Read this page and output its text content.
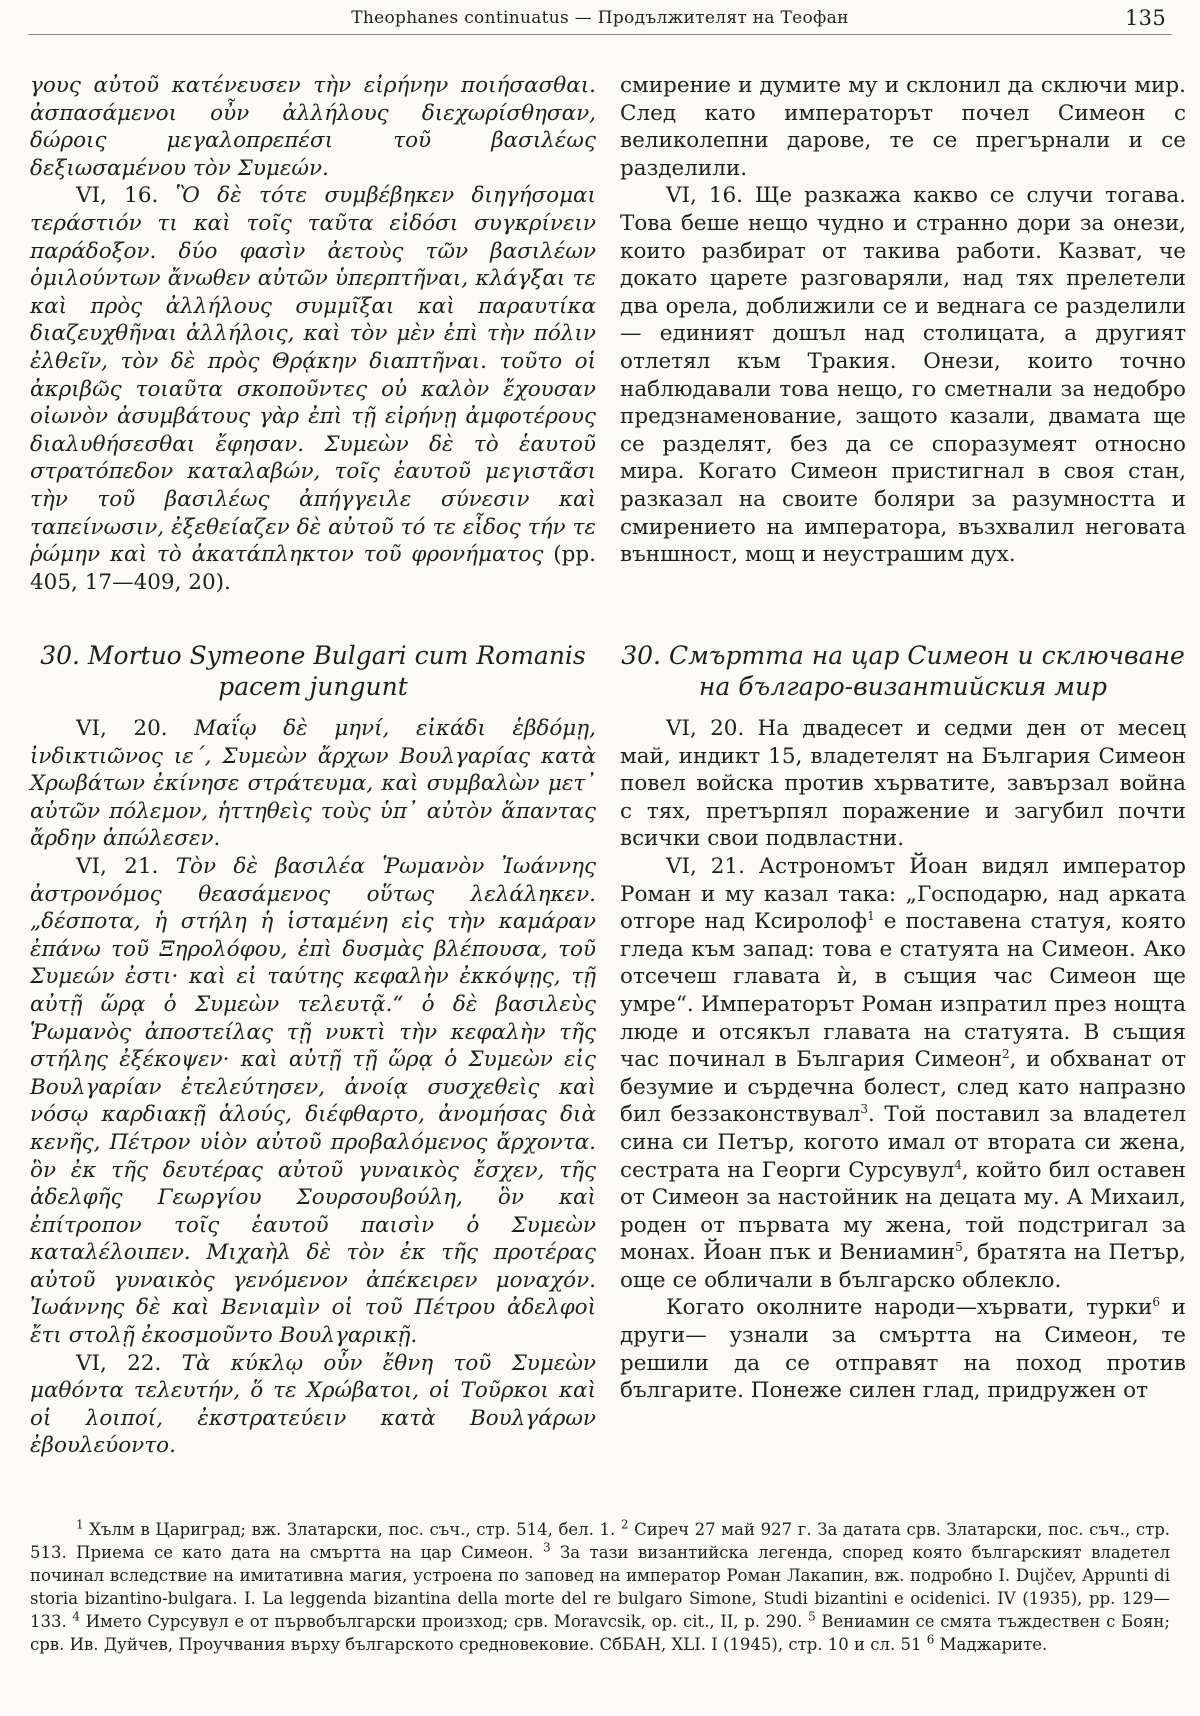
Theophanes continuatus — Продължителят на Теофан	135

γους αὐτοῦ κατένευσεν τὴν εἰρήνην ποιήσασθαι. ἀσπασάμενοι οὖν ἀλλήλους διεχωρίσθησαν, δώροις μεγαλοπρεπέσι τοῦ βασιλέως δεξιωσαμένου τὸν Συμεών.

VI, 16. Ὃ δὲ τότε συμβέβηκεν διηγήσομαι τεράστιόν τι καὶ τοῖς ταῦτα εἰδόσι συγκρίνειν παράδοξον. δύο φασὶν ἀετοὺς τῶν βασιλέων ὁμιλούντων ἄνωθεν αὐτῶν ὑπερπτῆναι, κλάγξαι τε καὶ πρὸς ἀλλήλους συμμῖξαι καὶ παραυτίκα διαζευχθῆναι ἀλλήλοις, καὶ τὸν μὲν ἐπὶ τὴν πόλιν ἐλθεῖν, τὸν δὲ πρὸς Θρᾴκην διαπτῆναι. τοῦτο οἱ ἀκριβῶς τοιαῦτα σκοποῦντες οὐ καλὸν ἔχουσαν οἰωνὸν ἀσυμβάτους γὰρ ἐπὶ τῇ εἰρήνῃ ἀμφοτέρους διαλυθήσεσθαι ἔφησαν. Συμεὼν δὲ τὸ ἑαυτοῦ στρατόπεδον καταλαβών, τοῖς ἑαυτοῦ μεγιστᾶσι τὴν τοῦ βασιλέως ἀπήγγειλε σύνεσιν καὶ ταπείνωσιν, ἐξεθείαζεν δὲ αὐτοῦ τό τε εἶδος τήν τε ῥώμην καὶ τὸ ἀκατάπληκτον τοῦ φρονήματος (pp. 405, 17—409, 20).

30. Mortuo Symeone Bulgari cum Romanis pacem jungunt

VI, 20. Μαΐῳ δὲ μηνί, εἰκάδι ἑβδόμῃ, ἰνδικτιῶνος ιε΄, Συμεὼν ἄρχων Βουλγαρίας κατὰ Χρωβάτων ἐκίνησε στράτευμα, καὶ συμβαλὼν μετ᾽ αὐτῶν πόλεμον, ἡττηθεὶς τοὺς ὑπ᾽ αὐτὸν ἅπαντας ἄρδην ἀπώλεσεν.

VI, 21. Τὸν δὲ βασιλέα Ῥωμανὸν Ἰωάννης ἀστρονόμος θεασάμενος οὕτως λελάληκεν. „δέσποτα, ἡ στήλη ἡ ἱσταμένη εἰς τὴν καμάραν ἐπάνω τοῦ Ξηρολόφου, ἐπὶ δυσμὰς βλέπουσα, τοῦ Συμεών ἐστι· καὶ εἰ ταύτης κεφαλὴν ἐκκόψῃς, τῇ αὐτῇ ὥρᾳ ὁ Συμεὼν τελευτᾷ.“ ὁ δὲ βασιλεὺς Ῥωμανὸς ἀποστείλας τῇ νυκτὶ τὴν κεφαλὴν τῆς στήλης ἐξέκοψεν· καὶ αὐτῇ τῇ ὥρᾳ ὁ Συμεὼν εἰς Βουλγαρίαν ἐτελεύτησεν, ἀνοίᾳ συσχεθεὶς καὶ νόσῳ καρδιακῇ ἁλούς, διέφθαρτο, ἀνομήσας διὰ κενῆς, Πέτρον υἱὸν αὐτοῦ προβαλόμενος ἄρχοντα. ὃν ἐκ τῆς δευτέρας αὐτοῦ γυναικὸς ἔσχεν, τῆς ἀδελφῆς Γεωργίου Σουρσουβούλη, ὃν καὶ ἐπίτροπον τοῖς ἑαυτοῦ παισὶν ὁ Συμεὼν καταλέλοιπεν. Μιχαὴλ δὲ τὸν ἐκ τῆς προτέρας αὐτοῦ γυναικὸς γενόμενον ἀπέκειρεν μοναχόν. Ἰωάννης δὲ καὶ Βενιαμὶν οἱ τοῦ Πέτρου ἀδελφοὶ ἔτι στολῇ ἐκοσμοῦντο Βουλγαρικῇ.

VI, 22. Τὰ κύκλῳ οὖν ἔθνη τοῦ Συμεὼν μαθόντα τελευτήν, ὅ τε Χρώβατοι, οἱ Τοῦρκοι καὶ οἱ λοιποί, ἐκστρατεύειν κατὰ Βουλγάρων ἐβουλεύοντο.

смирение и думите му и склонил да сключи мир. След като императорът почел Симеон с великолепни дарове, те се прегърнали и се разделили.

VI, 16. Ще разкажа какво се случи тогава. Това беше нещо чудно и странно дори за онези, които разбират от такива работи. Казват, че докато царете разговаряли, над тях прелетели два орела, доближили се и веднага се разделили — единият дошъл над столицата, а другият отлетял към Тракия. Онези, които точно наблюдавали това нещо, го сметнали за недобро предзнаменование, защото казали, двамата ще се разделят, без да се споразумеят относно мира. Когато Симеон пристигнал в своя стан, разказал на своите боляри за разумността и смирението на императора, възхвалил неговата външност, мощ и неустрашим дух.

30. Смъртта на цар Симеон и сключване на българо-византийския мир

VI, 20. На двадесет и седми ден от месец май, индикт 15, владетелят на България Симеон повел войска против хърватите, завързал война с тях, претърпял поражение и загубил почти всички свои подвластни.

VI, 21. Астрономът Йоан видял император Роман и му казал така: „Господарю, над арката отгоре над Ксиролоф$^1$ е поставена статуя, която гледа към запад: това е статуята на Симеон. Ако отсечеш главата ѝ, в същия час Симеон ще умре“. Императорът Роман изпратил през нощта люде и отсякъл главата на статуята. В същия час починал в България Симеон$^2$, и обхванат от безумие и сърдечна болест, след като напразно бил беззаконствувал$^3$. Той поставил за владетел сина си Петър, когото имал от втората си жена, сестрата на Георги Сурсувул$^4$, който бил оставен от Симеон за настойник на децата му. А Михаил, роден от първата му жена, той подстригал за монах. Йоан пък и Вениамин$^5$, братята на Петър, още се обличали в българско облекло.

Когато околните народи—хървати, турки$^6$ и други— узнали за смъртта на Симеон, те решили да се отправят на поход против българите. Понеже силен глад, придружен от

$^1$ Хълм в Цариград; вж. Златарски, пос. съч., стр. 514, бел. 1. $^2$ Сиреч 27 май 927 г. За датата срв. Златарски, пос. съч., стр. 513. Приема се като дата на смъртта на цар Симеон. $^3$ За тази византийска легенда, според която българският владетел починал вследствие на имитативна магия, устроена по заповед на император Роман Лакапин, вж. подробно I. Dujčev, Appunti di storia bizantino-bulgara. I. La leggenda bizantina della morte del re bulgaro Simone, Studi bizantini e ocidenici. IV (1935), pp. 129—133. $^4$ Името Сурсувул е от първобългарски произход; срв. Moravcsik, op. cit., II, p. 290. $^5$ Вениамин се смята тъждествен с Боян; срв. Ив. Дуйчев, Проучвания върху българското средновековие. СбБАН, XLI. I (1945), стр. 10 и сл. 51 $^6$ Маджарите.
